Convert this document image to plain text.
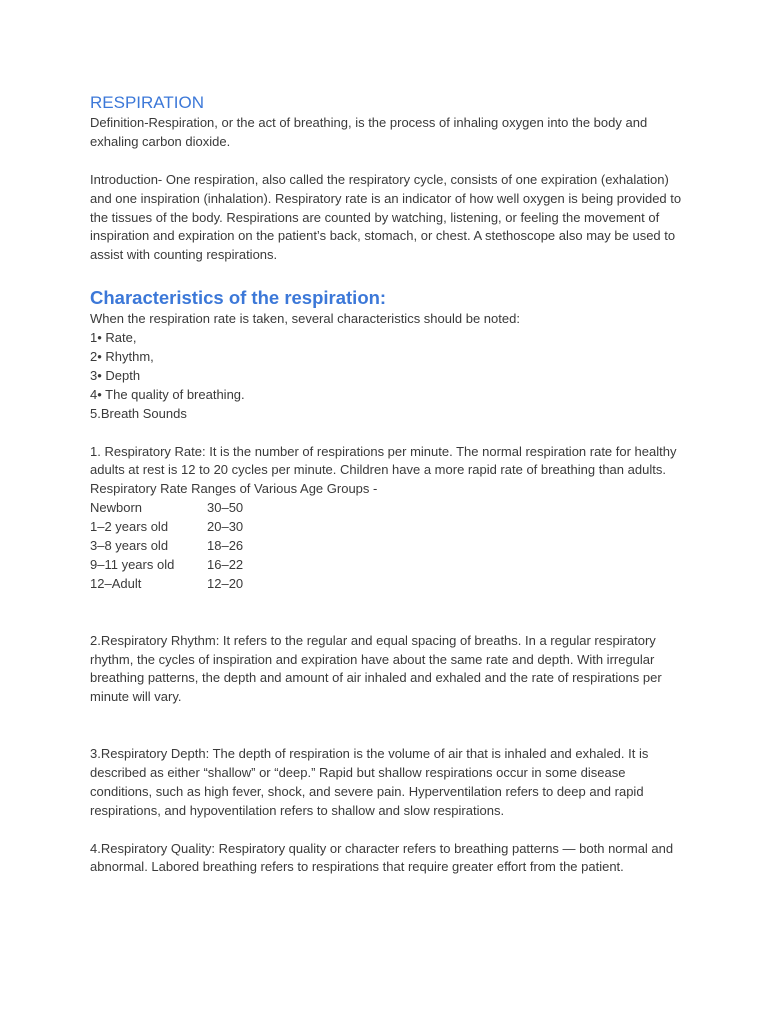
RESPIRATION

Definition-Respiration, or the act of breathing, is the process of inhaling oxygen into the body and exhaling carbon dioxide.

Introduction- One respiration, also called the respiratory cycle, consists of one expiration (exhalation) and one inspiration (inhalation). Respiratory rate is an indicator of how well oxygen is being provided to the tissues of the body. Respirations are counted by watching, listening, or feeling the movement of inspiration and expiration on the patient’s back, stomach, or chest. A stethoscope also may be used to assist with counting respirations.

Characteristics of the respiration:

When the respiration rate is taken, several characteristics should be noted:

1• Rate,

2• Rhythm,

3• Depth

4• The quality of breathing.

5.Breath Sounds

1. Respiratory Rate: It is the number of respirations per minute. The normal respiration rate for healthy adults at rest is 12 to 20 cycles per minute. Children have a more rapid rate of breathing than adults. Respiratory Rate Ranges of Various Age Groups -

Newborn	30–50
1–2 years old	20–30
3–8 years old	18–26
9–11 years old	16–22
12–Adult	12–20

2.Respiratory Rhythm: It refers to the regular and equal spacing of breaths. In a regular respiratory rhythm, the cycles of inspiration and expiration have about the same rate and depth. With irregular breathing patterns, the depth and amount of air inhaled and exhaled and the rate of respirations per minute will vary.

3.Respiratory Depth: The depth of respiration is the volume of air that is inhaled and exhaled. It is described as either “shallow” or “deep.” Rapid but shallow respirations occur in some disease conditions, such as high fever, shock, and severe pain. Hyperventilation refers to deep and rapid respirations, and hypoventilation refers to shallow and slow respirations.

4.Respiratory Quality: Respiratory quality or character refers to breathing patterns — both normal and abnormal. Labored breathing refers to respirations that require greater effort from the patient.
